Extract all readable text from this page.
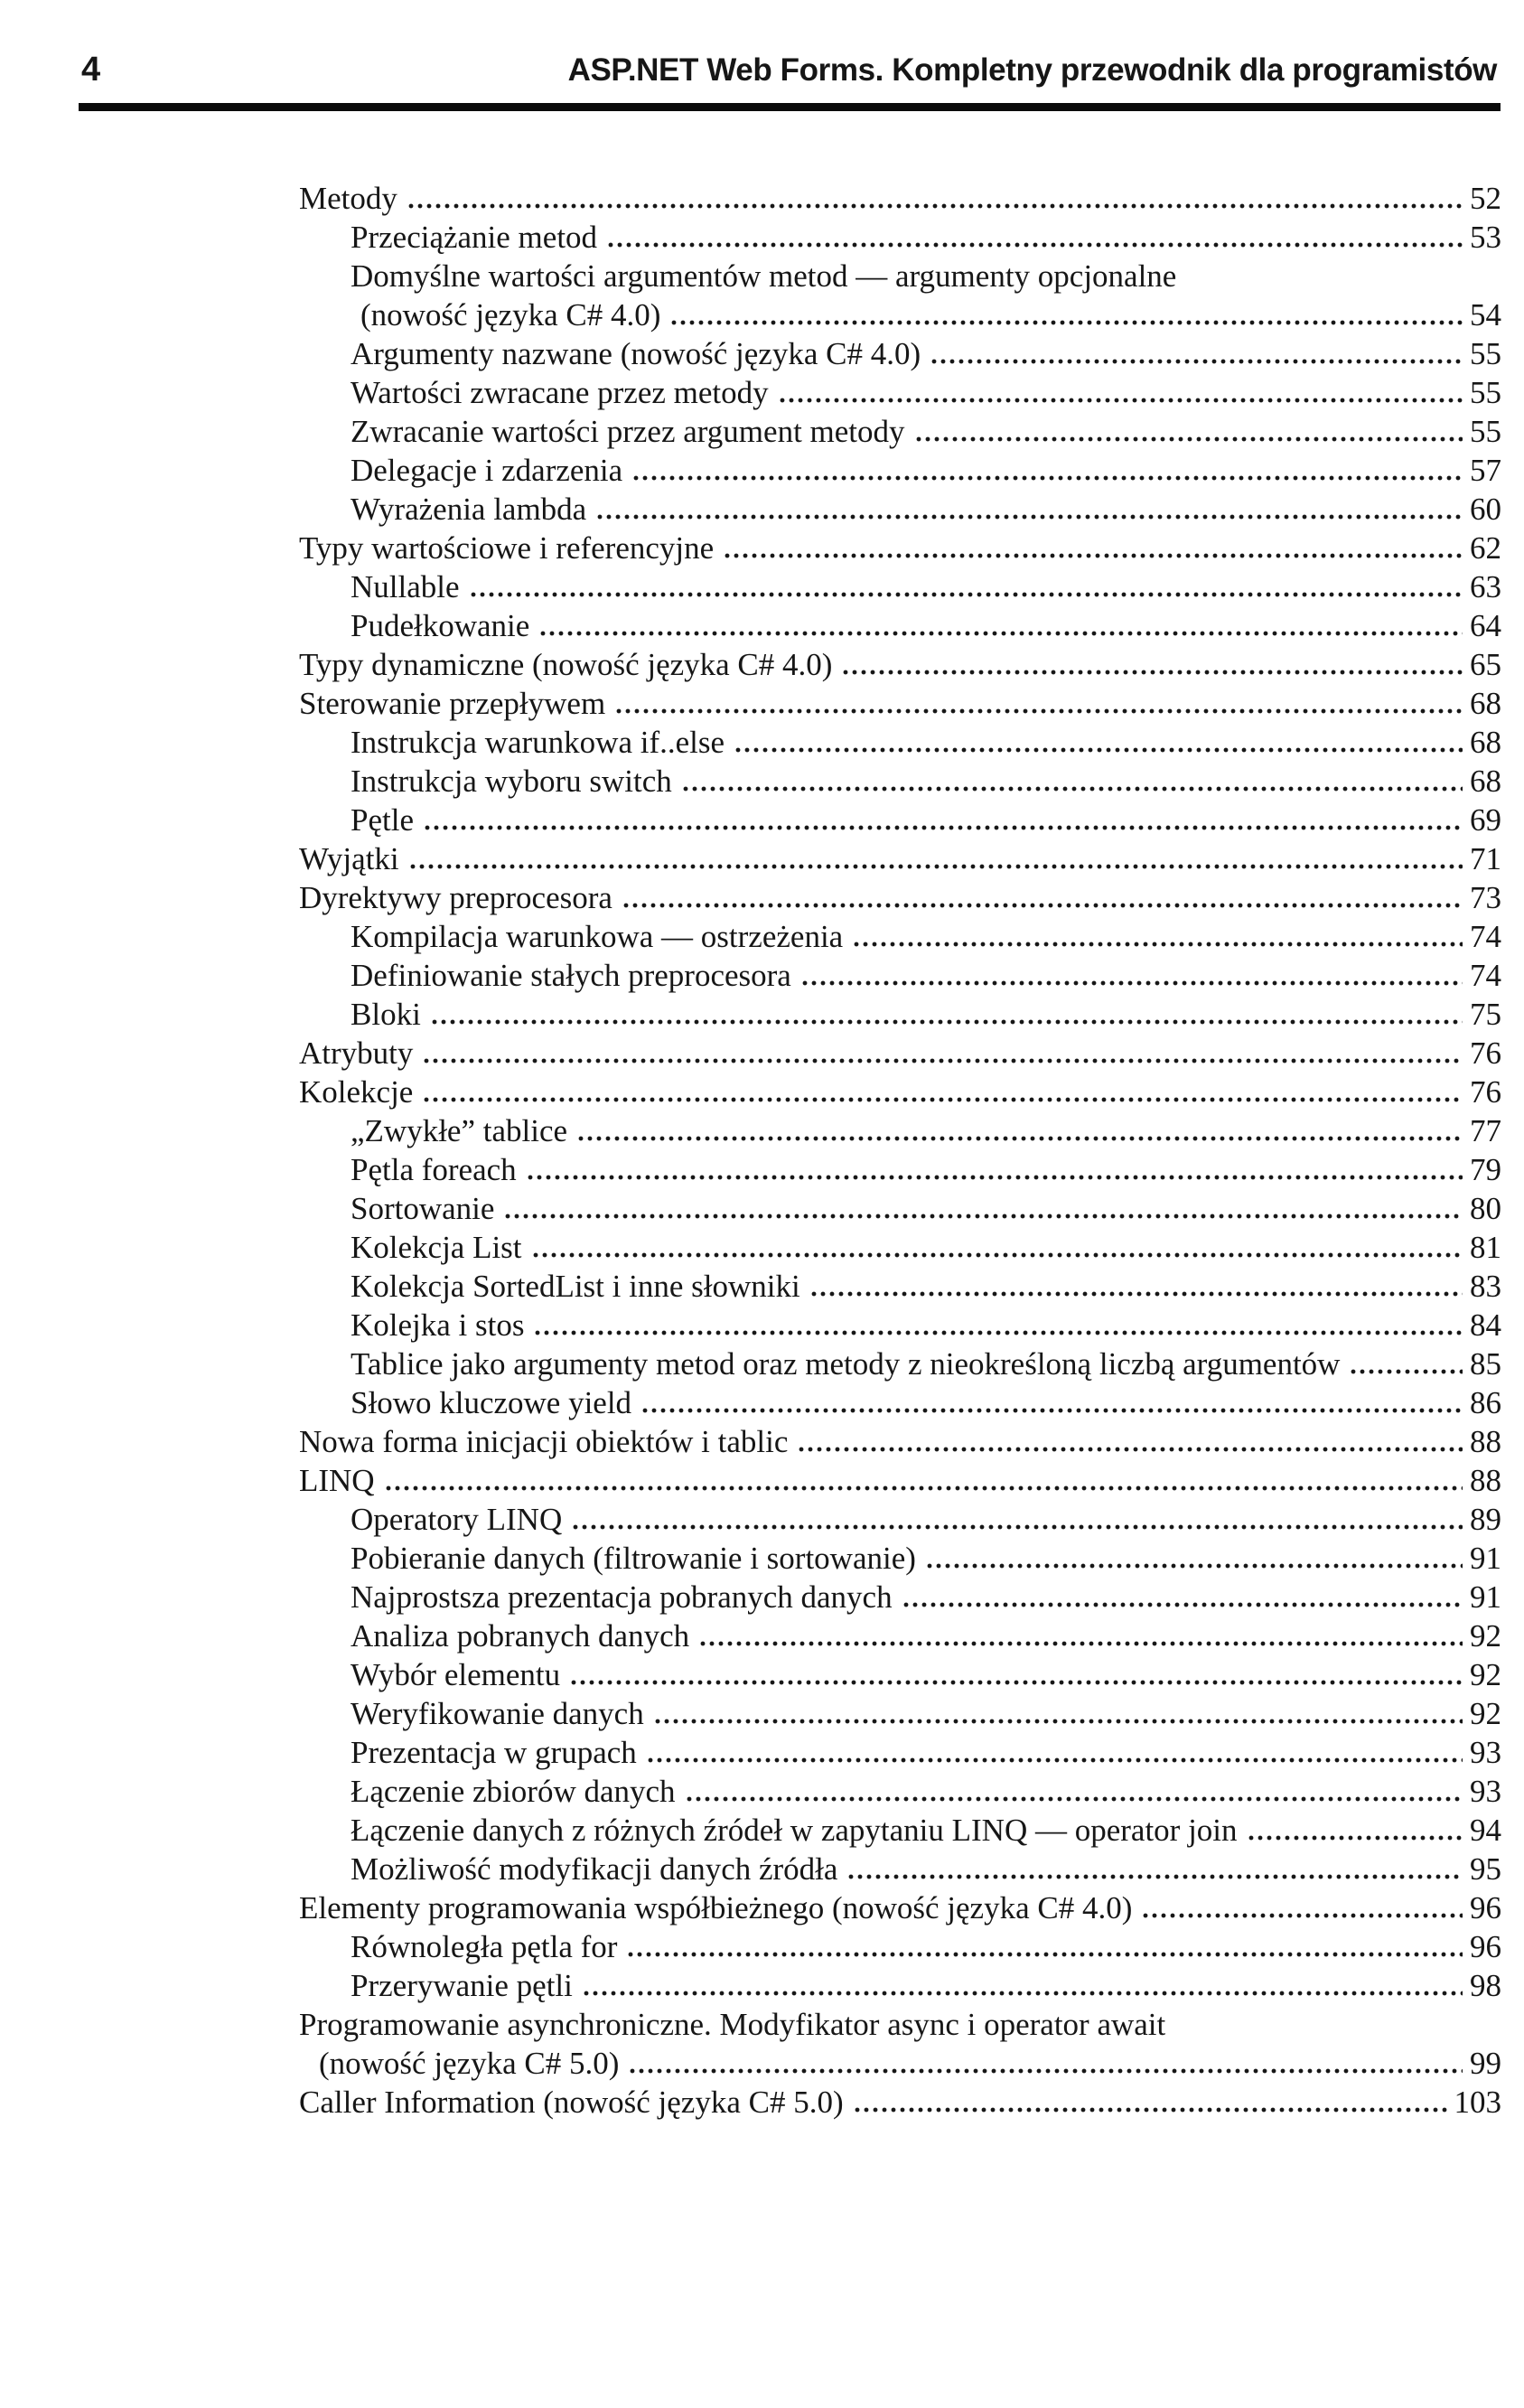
4	ASP.NET Web Forms. Kompletny przewodnik dla programistów
Metody	52
Przeciążanie metod	53
Domyślne wartości argumentów metod — argumenty opcjonalne
(nowość języka C# 4.0)	54
Argumenty nazwane (nowość języka C# 4.0)	55
Wartości zwracane przez metody	55
Zwracanie wartości przez argument metody	55
Delegacje i zdarzenia	57
Wyrażenia lambda	60
Typy wartościowe i referencyjne	62
Nullable	63
Pudełkowanie	64
Typy dynamiczne (nowość języka C# 4.0)	65
Sterowanie przepływem	68
Instrukcja warunkowa if..else	68
Instrukcja wyboru switch	68
Pętle	69
Wyjątki	71
Dyrektywy preprocesora	73
Kompilacja warunkowa — ostrzeżenia	74
Definiowanie stałych preprocesora	74
Bloki	75
Atrybuty	76
Kolekcje	76
„Zwykłe” tablice	77
Pętla foreach	79
Sortowanie	80
Kolekcja List	81
Kolekcja SortedList i inne słowniki	83
Kolejka i stos	84
Tablice jako argumenty metod oraz metody z nieokreśloną liczbą argumentów	85
Słowo kluczowe yield	86
Nowa forma inicjacji obiektów i tablic	88
LINQ	88
Operatory LINQ	89
Pobieranie danych (filtrowanie i sortowanie)	91
Najprostsza prezentacja pobranych danych	91
Analiza pobranych danych	92
Wybór elementu	92
Weryfikowanie danych	92
Prezentacja w grupach	93
Łączenie zbiorów danych	93
Łączenie danych z różnych źródeł w zapytaniu LINQ — operator join	94
Możliwość modyfikacji danych źródła	95
Elementy programowania współbieżnego (nowość języka C# 4.0)	96
Równoległa pętla for	96
Przerywanie pętli	98
Programowanie asynchroniczne. Modyfikator async i operator await
(nowość języka C# 5.0)	99
Caller Information (nowość języka C# 5.0)	103
